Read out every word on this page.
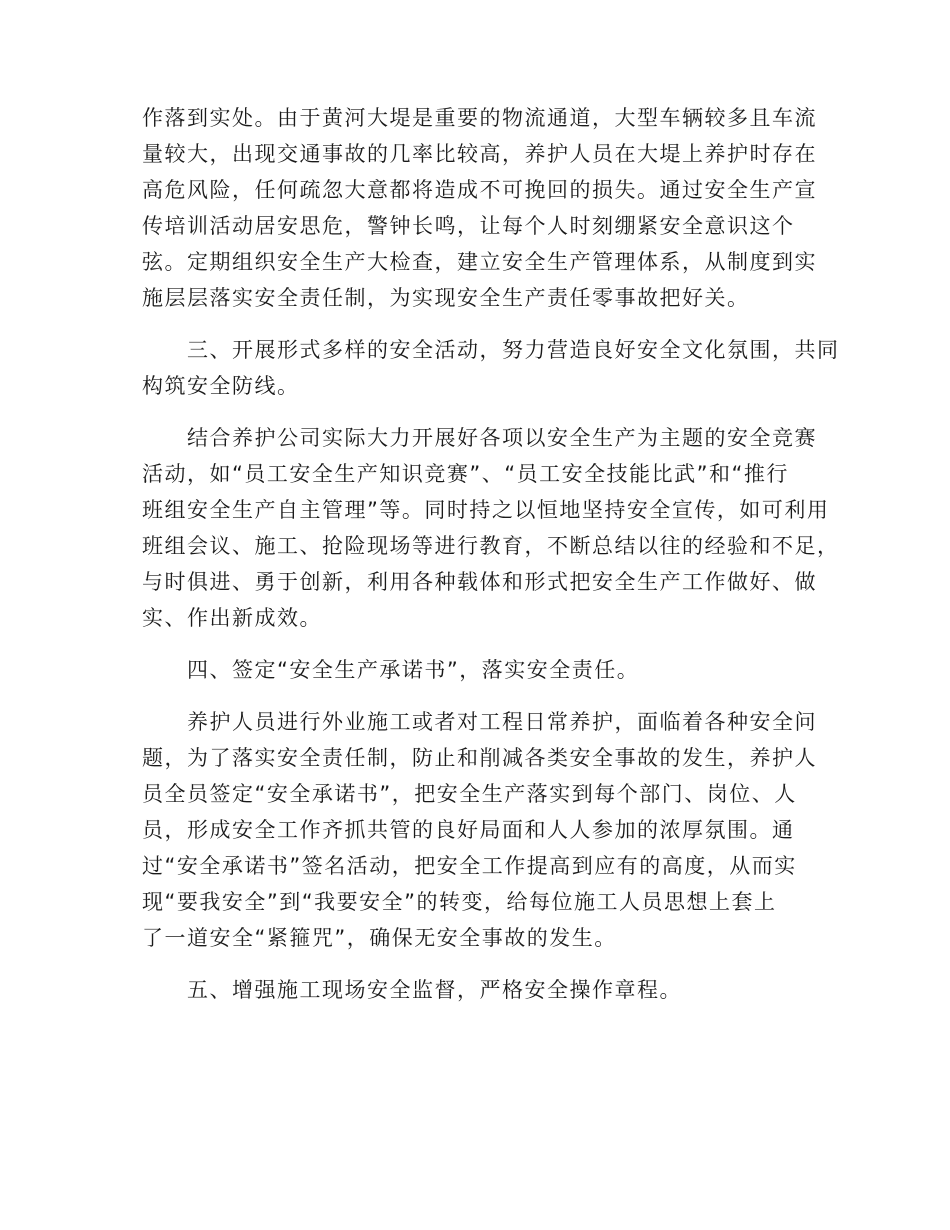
作落到实处。由于黄河大堤是重要的物流通道，大型车辆较多且车流
量较大，出现交通事故的几率比较高，养护人员在大堤上养护时存在
高危风险，任何疏忽大意都将造成不可挽回的损失。通过安全生产宣
传培训活动居安思危，警钟长鸣，让每个人时刻绷紧安全意识这个
弦。定期组织安全生产大检查，建立安全生产管理体系，从制度到实
施层层落实安全责任制，为实现安全生产责任零事故把好关。
　　三、开展形式多样的安全活动，努力营造良好安全文化氛围，共同
构筑安全防线。
　　结合养护公司实际大力开展好各项以安全生产为主题的安全竞赛
活动，如“员工安全生产知识竞赛”、“员工安全技能比武”和“推行
班组安全生产自主管理”等。同时持之以恒地坚持安全宣传，如可利用
班组会议、施工、抢险现场等进行教育，不断总结以往的经验和不足，
与时俱进、勇于创新，利用各种载体和形式把安全生产工作做好、做
实、作出新成效。
　　四、签定“安全生产承诺书”，落实安全责任。
　　养护人员进行外业施工或者对工程日常养护，面临着各种安全问
题，为了落实安全责任制，防止和削减各类安全事故的发生，养护人
员全员签定“安全承诺书”，把安全生产落实到每个部门、岗位、人
员，形成安全工作齐抓共管的良好局面和人人参加的浓厚氛围。通
过“安全承诺书”签名活动，把安全工作提高到应有的高度，从而实
现“要我安全”到“我要安全”的转变，给每位施工人员思想上套上
了一道安全“紧箍咒”，确保无安全事故的发生。
　　五、增强施工现场安全监督，严格安全操作章程。
